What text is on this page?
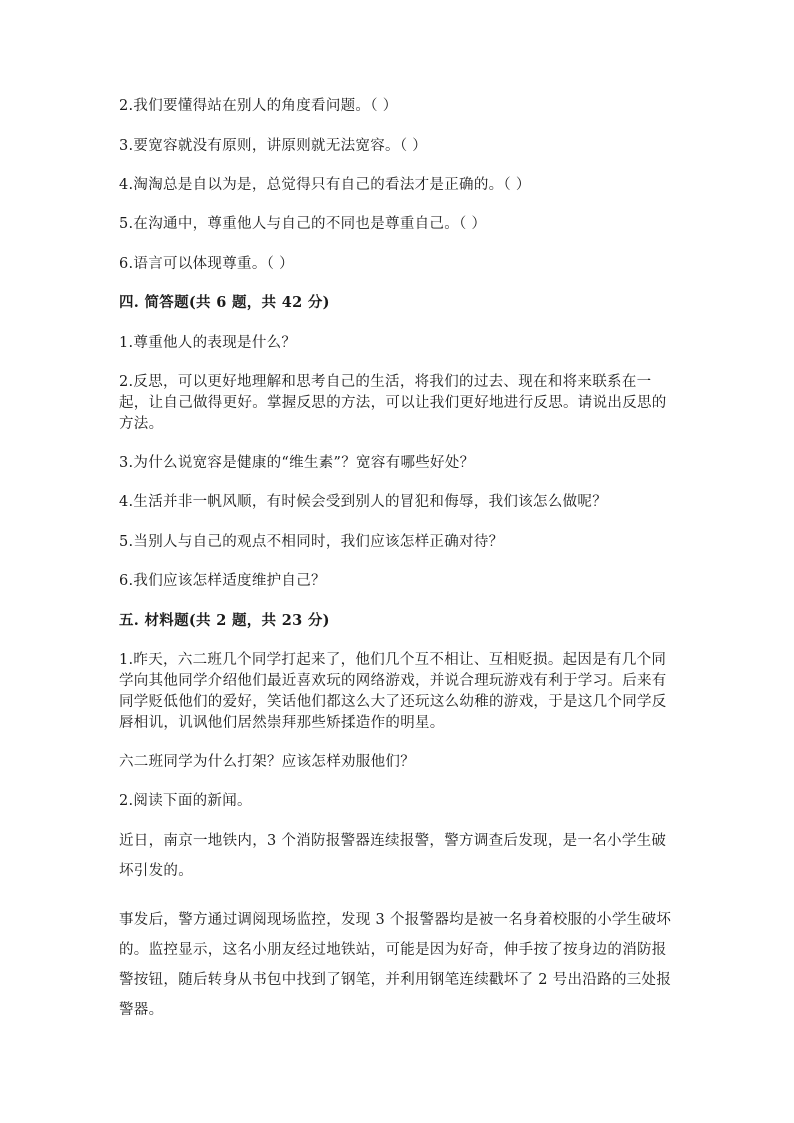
2.我们要懂得站在别人的角度看问题。（ ）
3.要宽容就没有原则，讲原则就无法宽容。（ ）
4.淘淘总是自以为是，总觉得只有自己的看法才是正确的。（ ）
5.在沟通中，尊重他人与自己的不同也是尊重自己。（ ）
6.语言可以体现尊重。（ ）
四. 简答题(共 6 题，共 42 分)
1.尊重他人的表现是什么？
2.反思，可以更好地理解和思考自己的生活，将我们的过去、现在和将来联系在一起，让自己做得更好。掌握反思的方法，可以让我们更好地进行反思。请说出反思的方法。
3.为什么说宽容是健康的“维生素”？宽容有哪些好处？
4.生活并非一帆风顺，有时候会受到别人的冒犯和侮辱，我们该怎么做呢？
5.当别人与自己的观点不相同时，我们应该怎样正确对待？
6.我们应该怎样适度维护自己？
五. 材料题(共 2 题，共 23 分)
1.昨天，六二班几个同学打起来了，他们几个互不相让、互相贬损。起因是有几个同学向其他同学介绍他们最近喜欢玩的网络游戏，并说合理玩游戏有利于学习。后来有同学贬低他们的爱好，笑话他们都这么大了还玩这么幼稚的游戏，于是这几个同学反唇相讥，讥讽他们居然崇拜那些矫揉造作的明星。
六二班同学为什么打架？应该怎样劝服他们？
2.阅读下面的新闻。
近日，南京一地铁内，3 个消防报警器连续报警，警方调查后发现，是一名小学生破坏引发的。
事发后，警方通过调阅现场监控，发现 3 个报警器均是被一名身着校服的小学生破坏的。监控显示，这名小朋友经过地铁站，可能是因为好奇，伸手按了按身边的消防报警按钮，随后转身从书包中找到了钢笔，并利用钢笔连续戳坏了 2 号出沿路的三处报警器。
